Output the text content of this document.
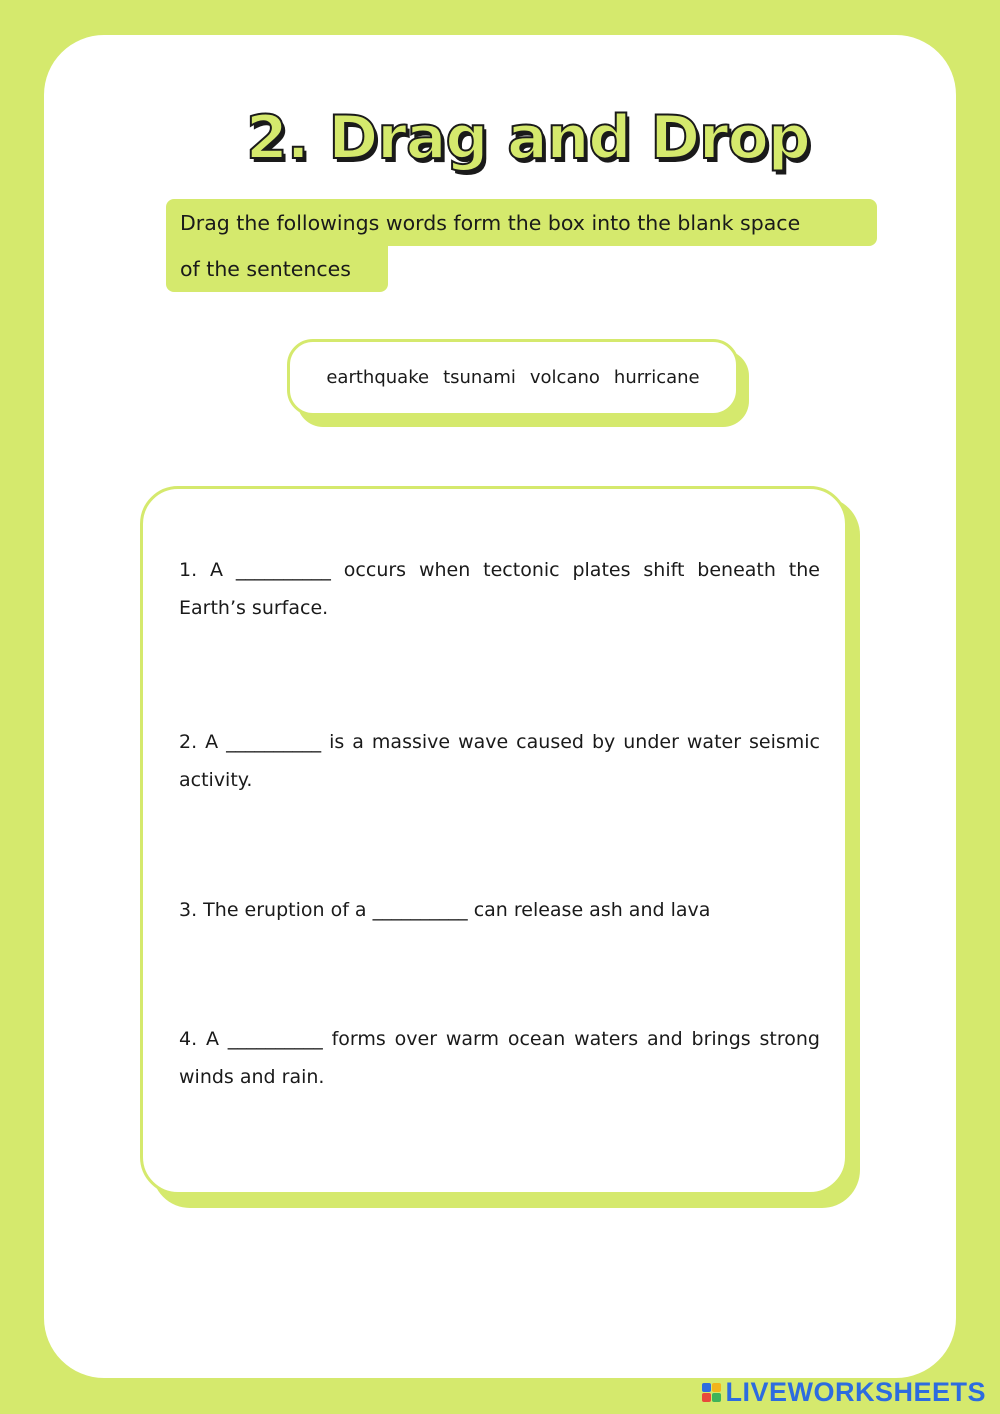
2. Drag and Drop
Drag the followings words form the box into the blank space
of the sentences
earthquake tsunami volcano hurricane

1. A __________ occurs when tectonic plates shift beneath the Earth’s surface.

2. A __________ is a massive wave caused by under water seismic activity.

3. The eruption of a __________ can release ash and lava

4. A __________ forms over warm ocean waters and brings strong winds and rain.

LIVEWORKSHEETS
